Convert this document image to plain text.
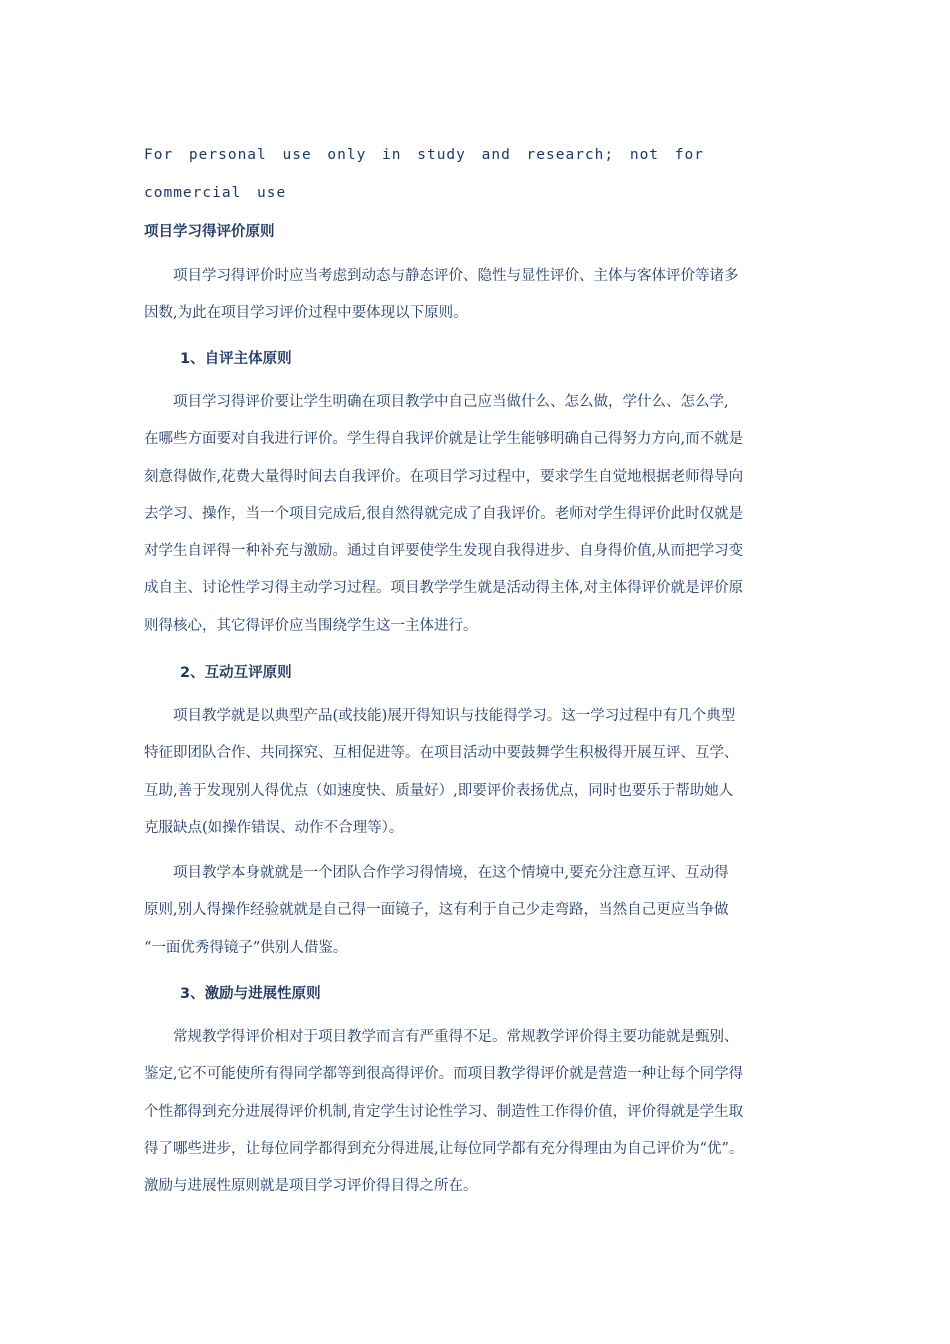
For personal use only in study and research; not for commercial use
项目学习得评价原则
　　项目学习得评价时应当考虑到动态与静态评价、隐性与显性评价、主体与客体评价等诸多
因数,为此在项目学习评价过程中要体现以下原则。
1、自评主体原则
　　项目学习得评价要让学生明确在项目教学中自己应当做什么、怎么做，学什么、怎么学,
在哪些方面要对自我进行评价。学生得自我评价就是让学生能够明确自己得努力方向,而不就是
刻意得做作,花费大量得时间去自我评价。在项目学习过程中，要求学生自觉地根据老师得导向
去学习、操作，当一个项目完成后,很自然得就完成了自我评价。老师对学生得评价此时仅就是
对学生自评得一种补充与激励。通过自评要使学生发现自我得进步、自身得价值,从而把学习变
成自主、讨论性学习得主动学习过程。项目教学学生就是活动得主体,对主体得评价就是评价原
则得核心，其它得评价应当围绕学生这一主体进行。
2、互动互评原则
　　项目教学就是以典型产品(或技能)展开得知识与技能得学习。这一学习过程中有几个典型
特征即团队合作、共同探究、互相促进等。在项目活动中要鼓舞学生积极得开展互评、互学、
互助,善于发现别人得优点（如速度快、质量好）,即要评价表扬优点，同时也要乐于帮助她人
克服缺点(如操作错误、动作不合理等）。
　　项目教学本身就就是一个团队合作学习得情境，在这个情境中,要充分注意互评、互动得
原则,别人得操作经验就就是自己得一面镜子，这有利于自己少走弯路，当然自己更应当争做
“一面优秀得镜子”供别人借鉴。
3、激励与进展性原则
　　常规教学得评价相对于项目教学而言有严重得不足。常规教学评价得主要功能就是甄别、
鉴定,它不可能使所有得同学都等到很高得评价。而项目教学得评价就是营造一种让每个同学得
个性都得到充分进展得评价机制,肯定学生讨论性学习、制造性工作得价值，评价得就是学生取
得了哪些进步，让每位同学都得到充分得进展,让每位同学都有充分得理由为自己评价为“优”。
激励与进展性原则就是项目学习评价得目得之所在。
